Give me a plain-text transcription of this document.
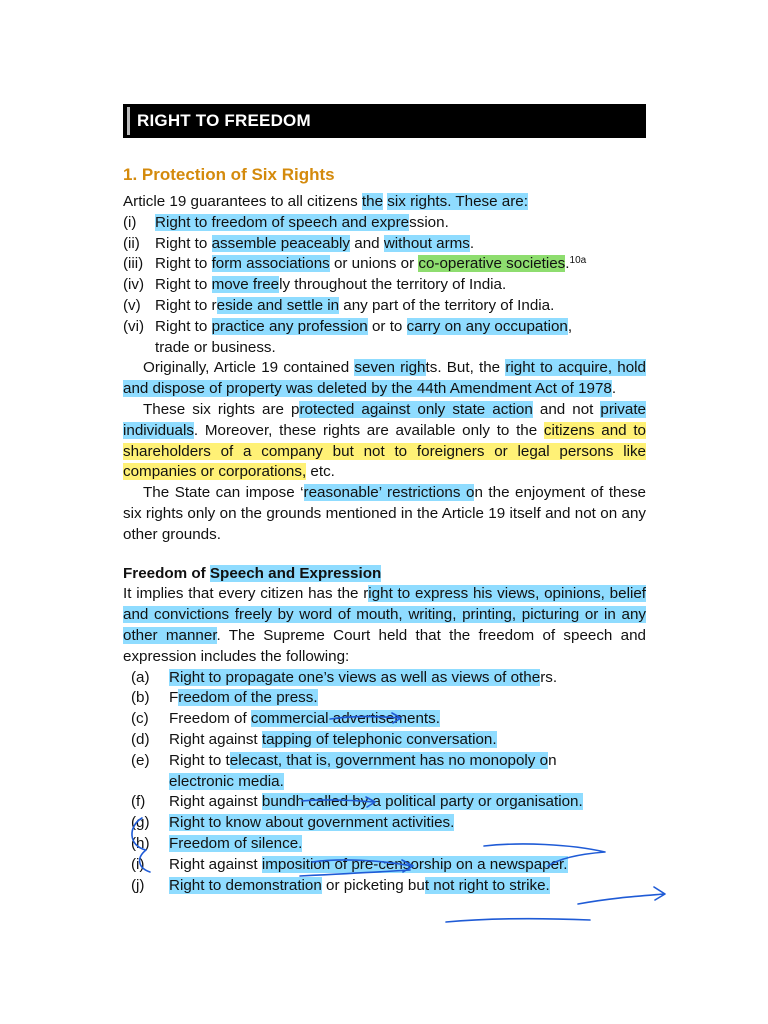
RIGHT TO FREEDOM
1. Protection of Six Rights

Article 19 guarantees to all citizens the six rights. These are:

(i)	Right to freedom of speech and expression.
(ii) Right to assemble peaceably and without arms.
(iii) Right to form associations or unions or co-operative societies.$^{10a}$
(iv) Right to move freely throughout the territory of India.
(v) Right to reside and settle in any part of the territory of India.
(vi) Right to practice any profession or to carry on any occupation,
trade or business.

Originally, Article 19 contained seven rights. But, the right to acquire, hold and dispose of property was deleted by the 44th Amendment Act of 1978.

These six rights are protected against only state action and not private individuals. Moreover, these rights are available only to the citizens and to shareholders of a company but not to foreigners or legal persons like companies or corporations, etc.

The State can impose ‘reasonable’ restrictions on the enjoyment of these six rights only on the grounds mentioned in the Article 19 itself and not on any other grounds.

Freedom of Speech and Expression

It implies that every citizen has the right to express his views, opinions, belief and convictions freely by word of mouth, writing, printing, picturing or in any other manner. The Supreme Court held that the freedom of speech and expression includes the following:

(a)	Right to propagate one’s views as well as views of others.
(b)	Freedom of the press.
(c)	Freedom of commercial advertisements.
(d)	Right against tapping of telephonic conversation.
(e)	Right to telecast, that is, government has no monopoly on
electronic media.
(f)	Right against bundh called by a political party or organisation.
(g)	Right to know about government activities.
(h)	Freedom of silence.
(i)	Right against imposition of pre-censorship on a newspaper.
(j)	Right to demonstration or picketing but not right to strike.
